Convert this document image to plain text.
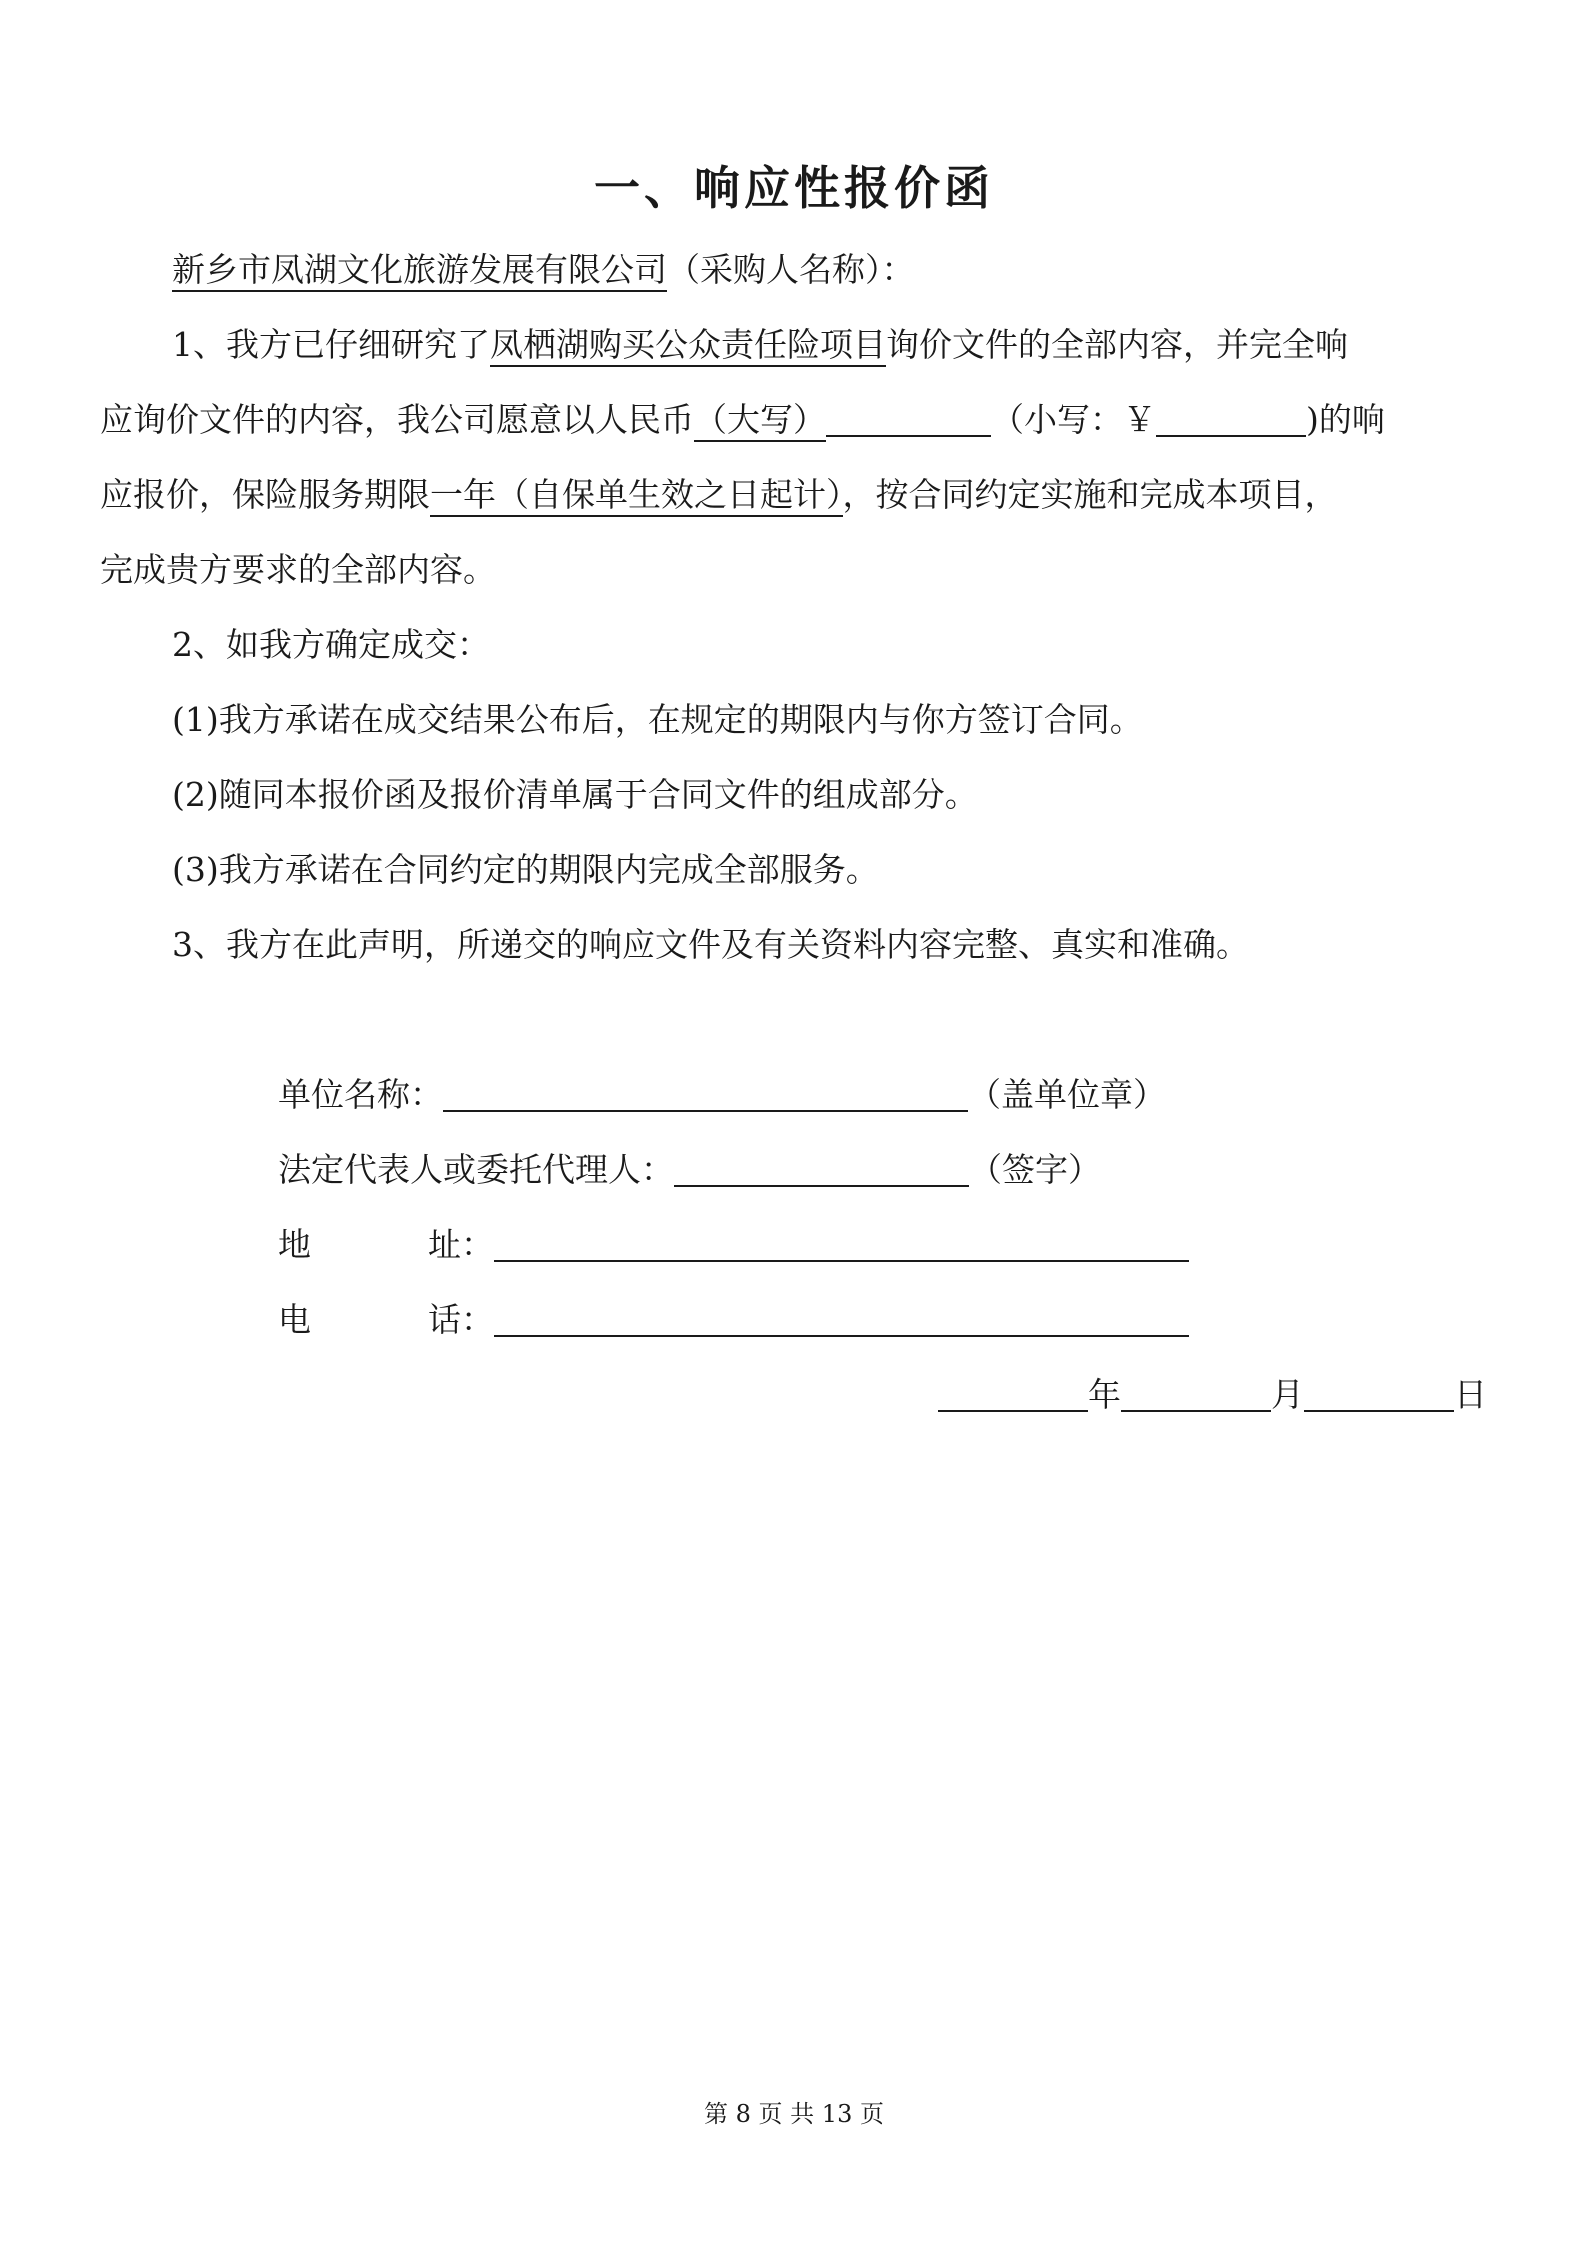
一、响应性报价函
新乡市凤湖文化旅游发展有限公司（采购人名称）：
1、我方已仔细研究了凤栖湖购买公众责任险项目询价文件的全部内容，并完全响
应询价文件的内容，我公司愿意以人民币（大写）	（小写：￥	)的响
应报价，保险服务期限一年（自保单生效之日起计），按合同约定实施和完成本项目，
完成贵方要求的全部内容。
2、如我方确定成交：
(1)我方承诺在成交结果公布后，在规定的期限内与你方签订合同。
(2)随同本报价函及报价清单属于合同文件的组成部分。
(3)我方承诺在合同约定的期限内完成全部服务。
3、我方在此声明，所递交的响应文件及有关资料内容完整、真实和准确。
单位名称：	（盖单位章）
法定代表人或委托代理人：	（签字）
地	址：
电	话：
年	月	日
第 8 页 共 13 页
